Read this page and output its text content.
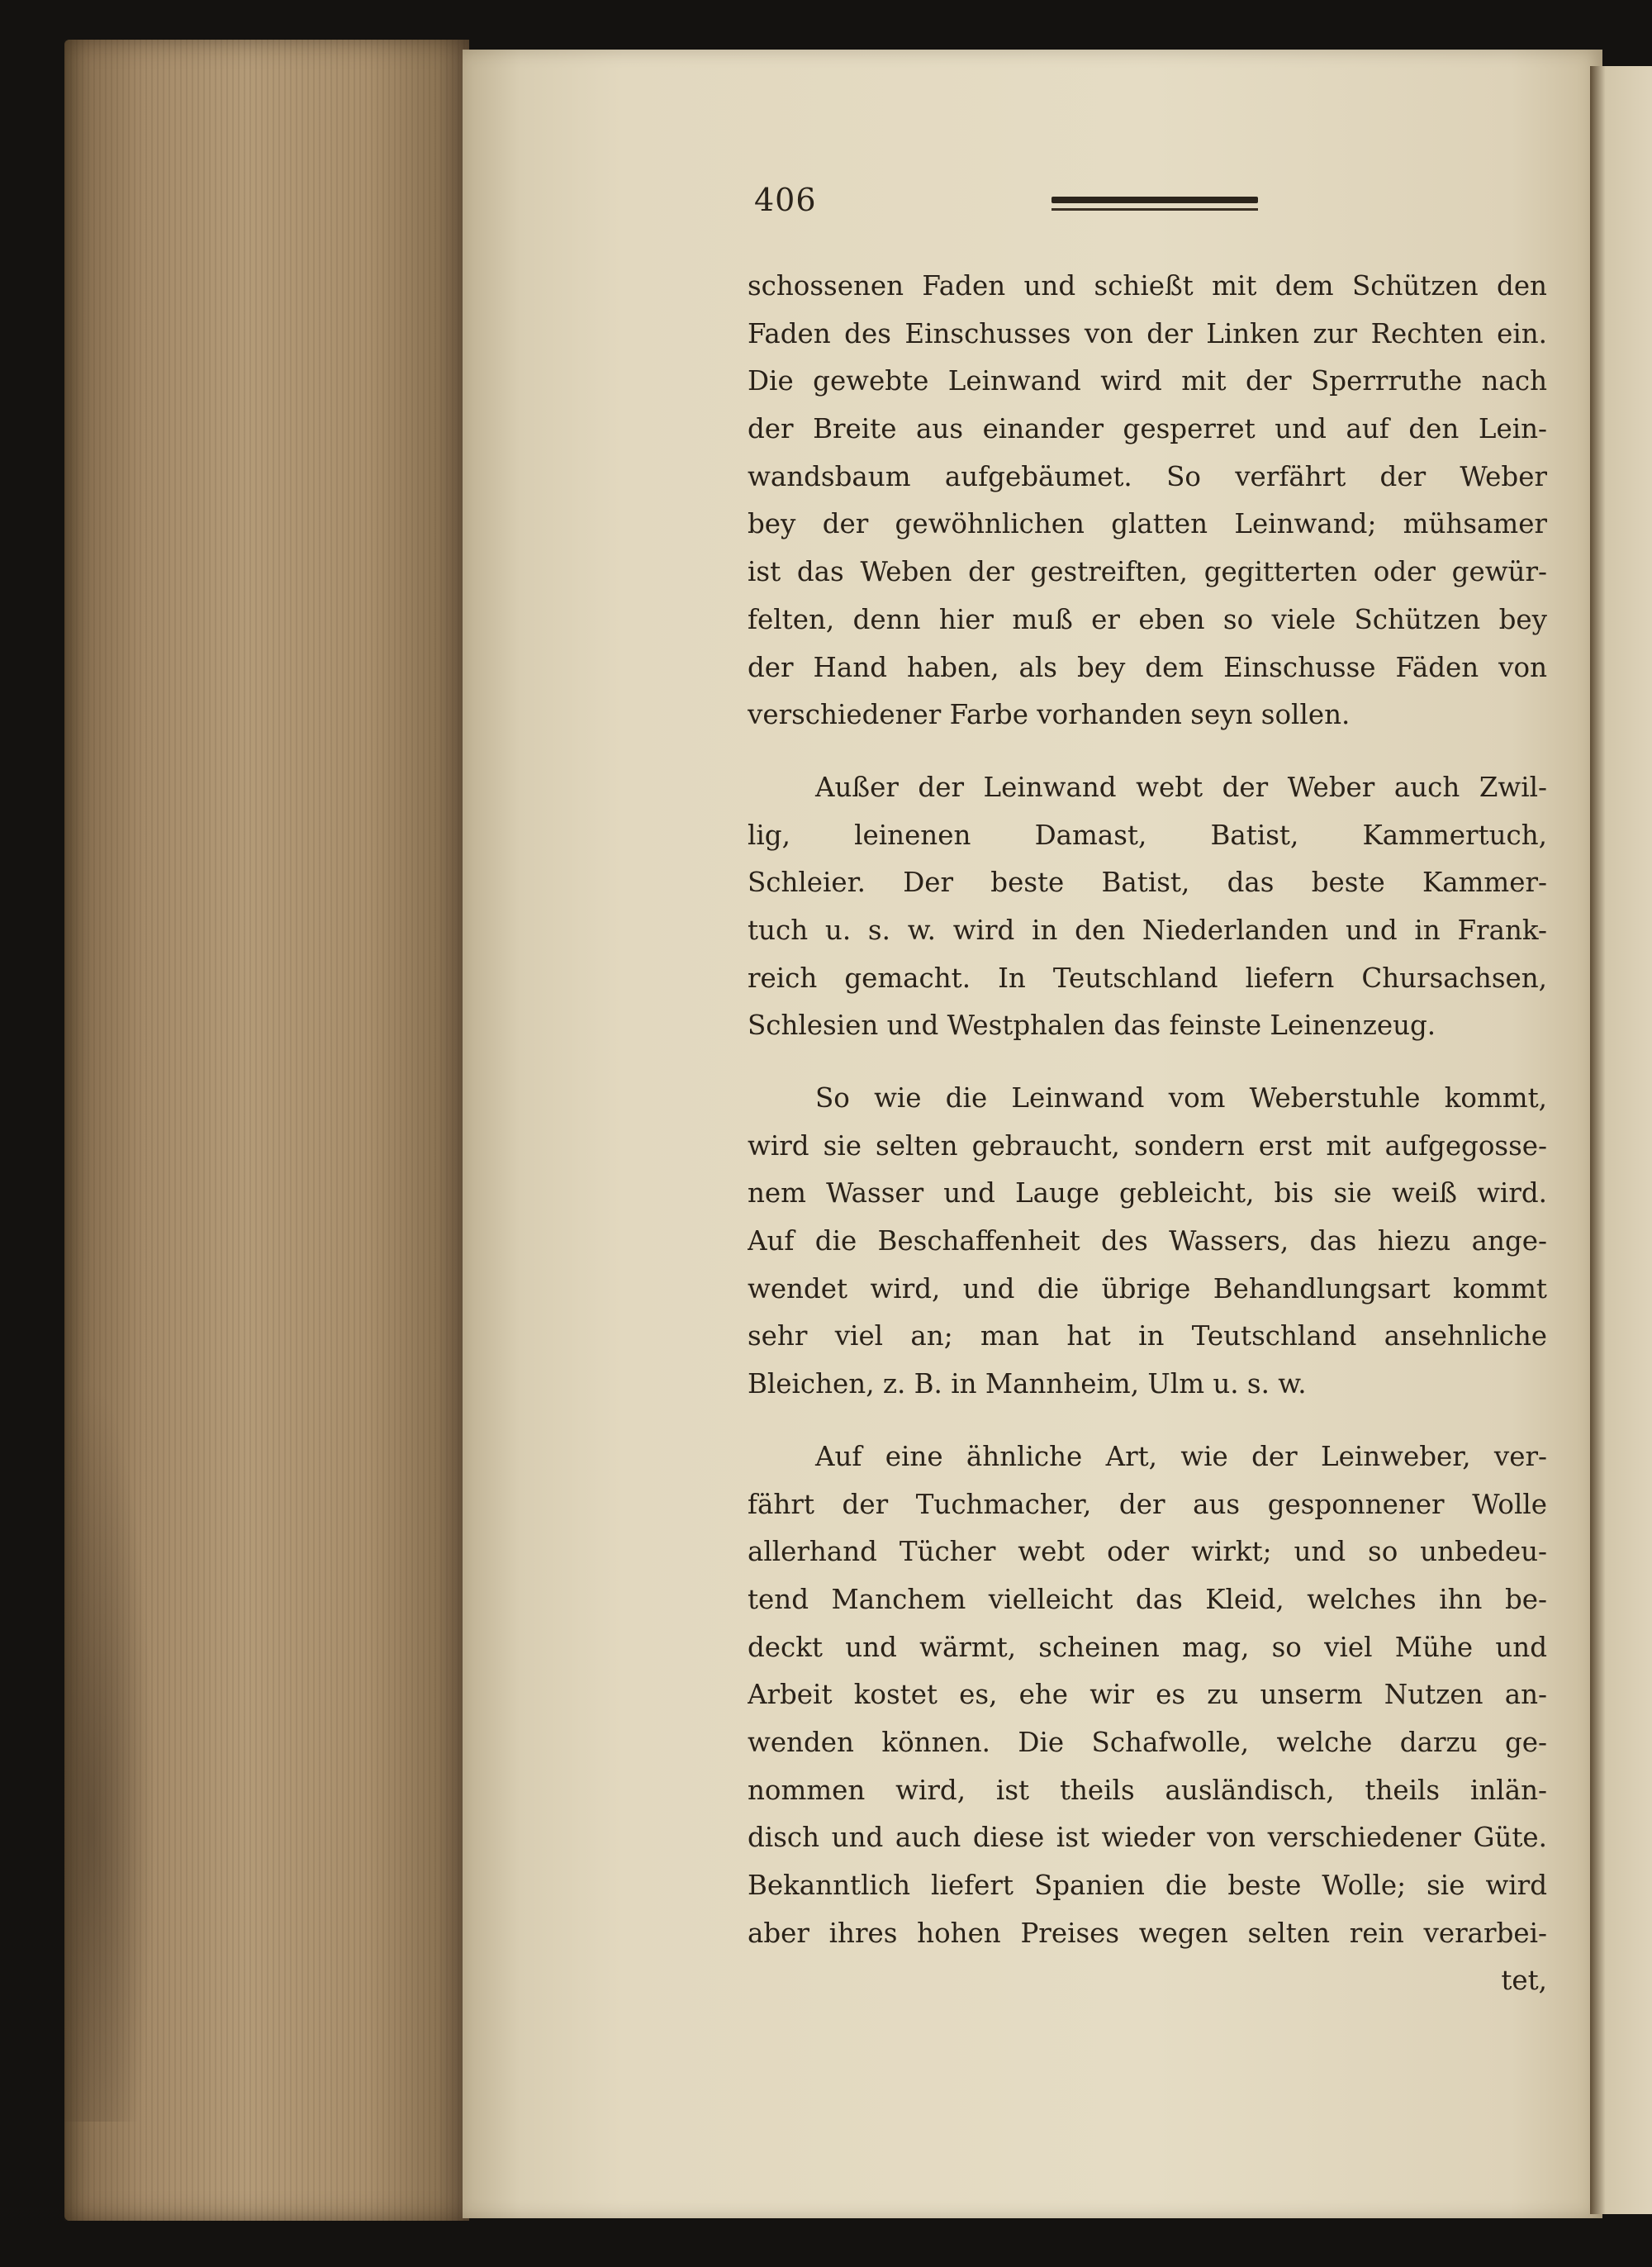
406
schossenen Faden und schießt mit dem Schützen den
Faden des Einschusses von der Linken zur Rechten ein.
Die gewebte Leinwand wird mit der Sperrruthe nach
der Breite aus einander gesperret und auf den Lein-
wandsbaum aufgebäumet. So verfährt der Weber
bey der gewöhnlichen glatten Leinwand; mühsamer
ist das Weben der gestreiften, gegitterten oder gewür-
felten, denn hier muß er eben so viele Schützen bey
der Hand haben, als bey dem Einschusse Fäden von
verschiedener Farbe vorhanden seyn sollen.
Außer der Leinwand webt der Weber auch Zwil-
lig, leinenen Damast, Batist, Kammertuch,
Schleier. Der beste Batist, das beste Kammer-
tuch u. s. w. wird in den Niederlanden und in Frank-
reich gemacht. In Teutschland liefern Chursachsen,
Schlesien und Westphalen das feinste Leinenzeug.
So wie die Leinwand vom Weberstuhle kommt,
wird sie selten gebraucht, sondern erst mit aufgegosse-
nem Wasser und Lauge gebleicht, bis sie weiß wird.
Auf die Beschaffenheit des Wassers, das hiezu ange-
wendet wird, und die übrige Behandlungsart kommt
sehr viel an; man hat in Teutschland ansehnliche
Bleichen, z. B. in Mannheim, Ulm u. s. w.
Auf eine ähnliche Art, wie der Leinweber, ver-
fährt der Tuchmacher, der aus gesponnener Wolle
allerhand Tücher webt oder wirkt; und so unbedeu-
tend Manchem vielleicht das Kleid, welches ihn be-
deckt und wärmt, scheinen mag, so viel Mühe und
Arbeit kostet es, ehe wir es zu unserm Nutzen an-
wenden können. Die Schafwolle, welche darzu ge-
nommen wird, ist theils ausländisch, theils inlän-
disch und auch diese ist wieder von verschiedener Güte.
Bekanntlich liefert Spanien die beste Wolle; sie wird
aber ihres hohen Preises wegen selten rein verarbei-
tet,
